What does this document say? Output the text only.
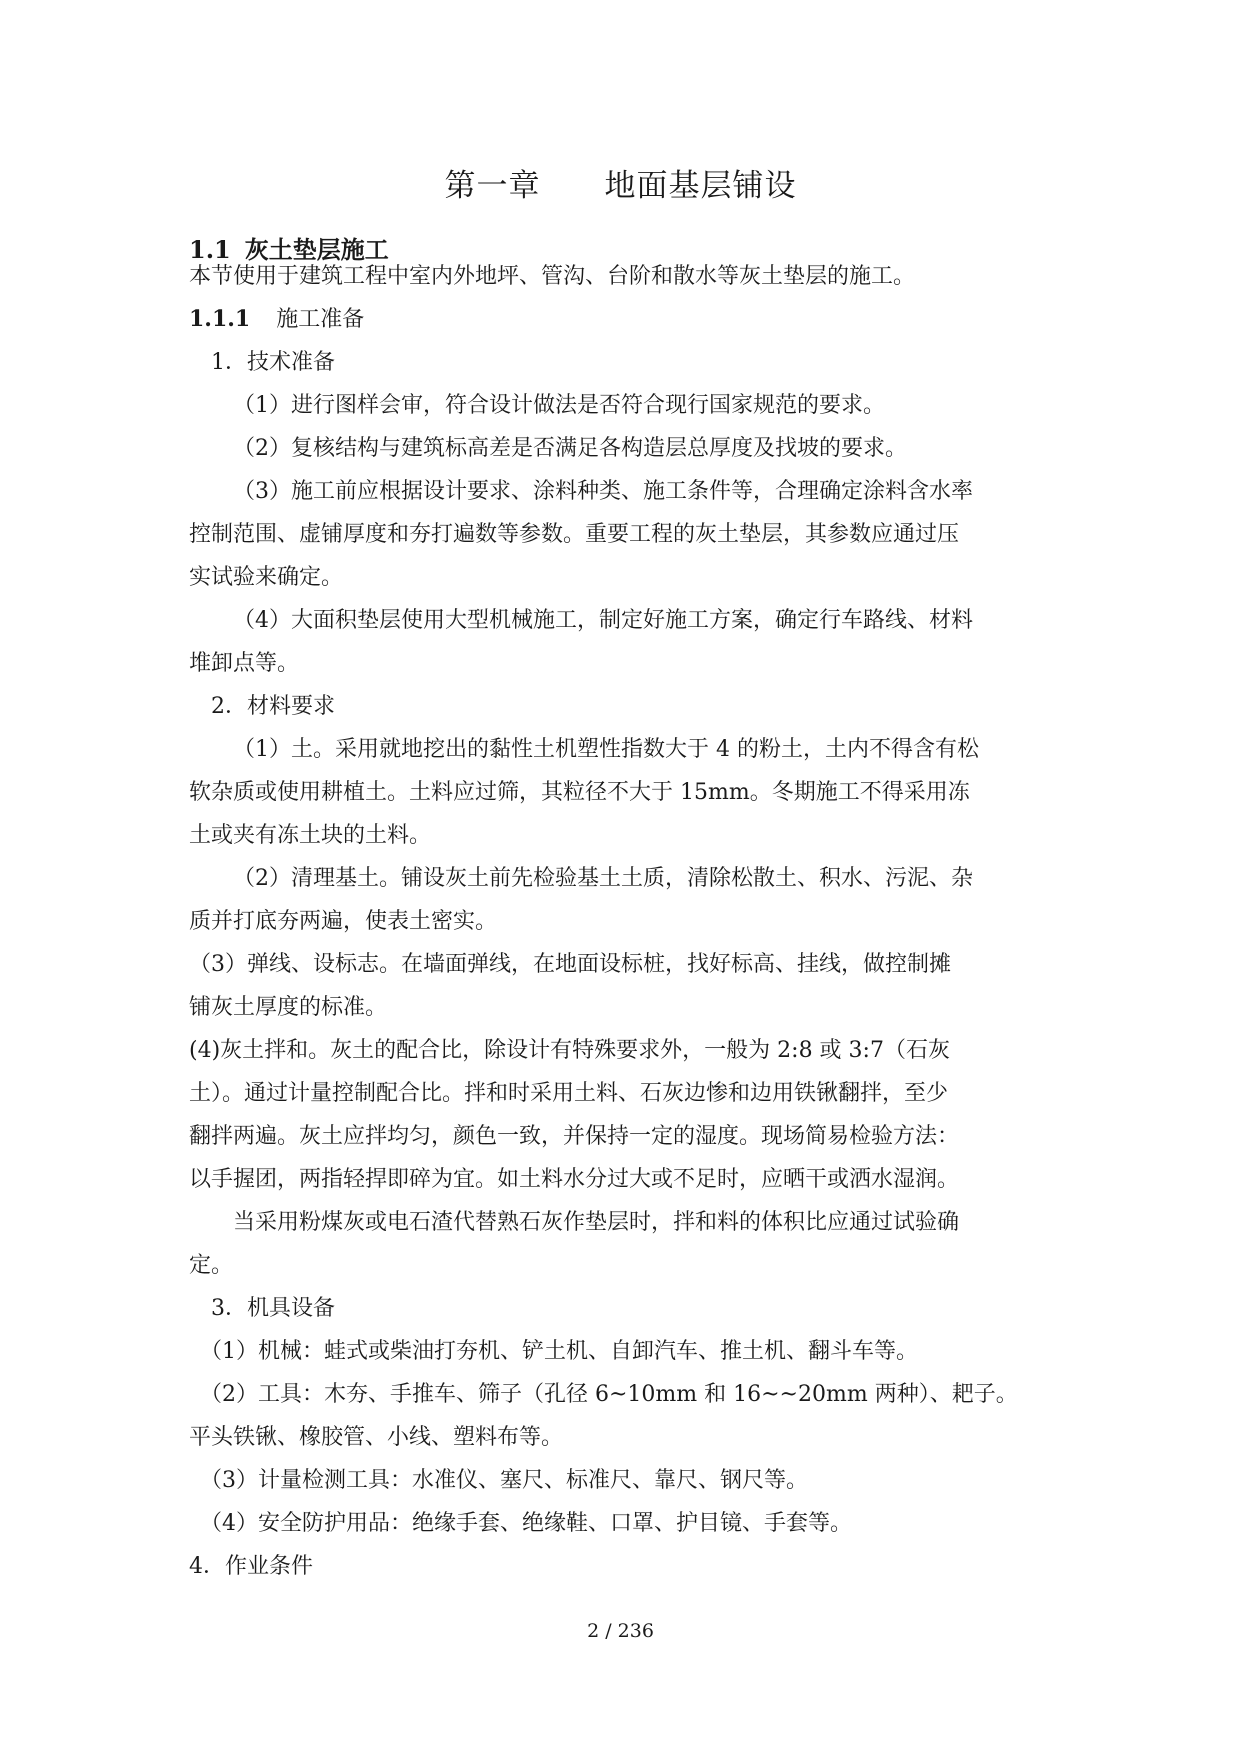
第一章　　地面基层铺设
1.1 灰土垫层施工
本节使用于建筑工程中室内外地坪、管沟、台阶和散水等灰土垫层的施工。
1.1.1 施工准备
1．技术准备
（1）进行图样会审，符合设计做法是否符合现行国家规范的要求。
（2）复核结构与建筑标高差是否满足各构造层总厚度及找坡的要求。
（3）施工前应根据设计要求、涂料种类、施工条件等，合理确定涂料含水率
控制范围、虚铺厚度和夯打遍数等参数。重要工程的灰土垫层，其参数应通过压
实试验来确定。
（4）大面积垫层使用大型机械施工，制定好施工方案，确定行车路线、材料
堆卸点等。
2．材料要求
（1）土。采用就地挖出的黏性土机塑性指数大于 4 的粉土，土内不得含有松
软杂质或使用耕植土。土料应过筛，其粒径不大于 15mm。冬期施工不得采用冻
土或夹有冻土块的土料。
（2）清理基土。铺设灰土前先检验基土土质，清除松散土、积水、污泥、杂
质并打底夯两遍，使表土密实。
（3）弹线、设标志。在墙面弹线，在地面设标桩，找好标高、挂线，做控制摊
铺灰土厚度的标准。
(4)灰土拌和。灰土的配合比，除设计有特殊要求外，一般为 2:8 或 3:7（石灰
土）。通过计量控制配合比。拌和时采用土料、石灰边惨和边用铁锹翻拌，至少
翻拌两遍。灰土应拌均匀，颜色一致，并保持一定的湿度。现场简易检验方法：
以手握团，两指轻捍即碎为宜。如土料水分过大或不足时，应晒干或洒水湿润。
当采用粉煤灰或电石渣代替熟石灰作垫层时，拌和料的体积比应通过试验确
定。
3．机具设备
（1）机械：蛙式或柴油打夯机、铲土机、自卸汽车、推土机、翻斗车等。
（2）工具：木夯、手推车、筛子（孔径 6~10mm 和 16~~20mm 两种）、耙子。
平头铁锹、橡胶管、小线、塑料布等。
（3）计量检测工具：水准仪、塞尺、标准尺、靠尺、钢尺等。
（4）安全防护用品：绝缘手套、绝缘鞋、口罩、护目镜、手套等。
4．作业条件
2 / 236
